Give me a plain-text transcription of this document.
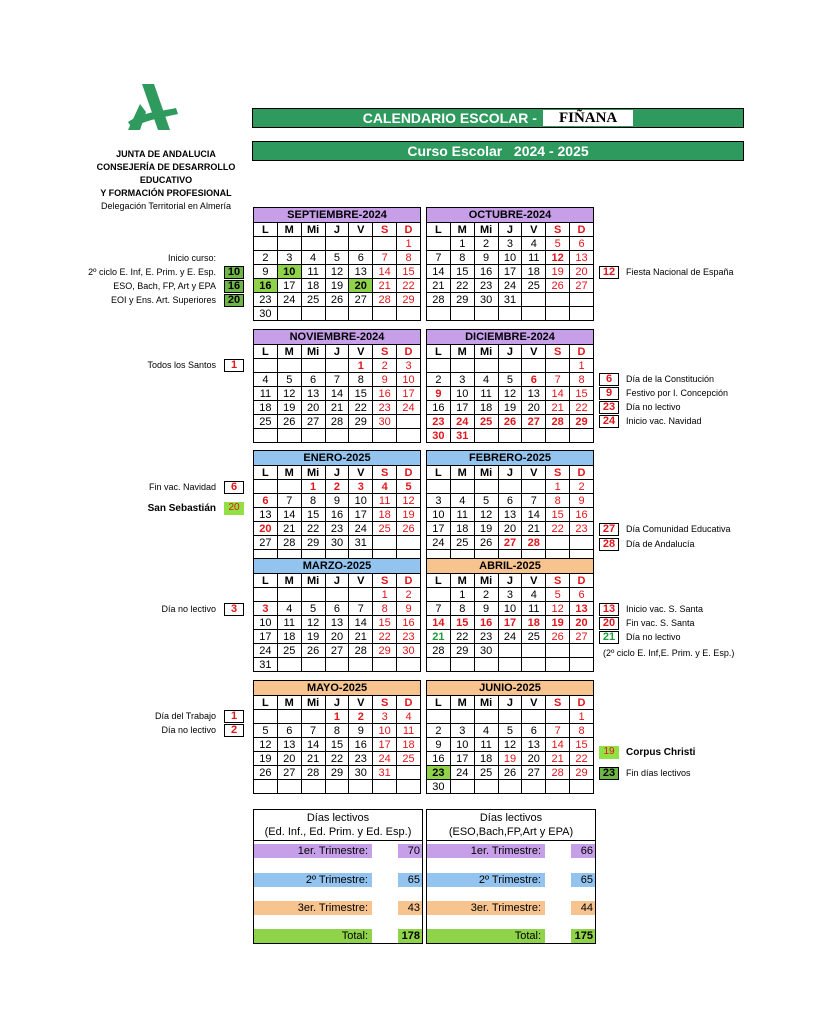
JUNTA DE ANDALUCIA
CONSEJERÍA DE DESARROLLO EDUCATIVO
Y FORMACIÓN PROFESIONAL
Delegación Territorial en Almería
CALENDARIO ESCOLAR -	FIÑANA
Curso Escolar   2024 - 2025
SEPTIEMBRE-2024						
L	M	Mi	J	V	S	D
						1
2	3	4	5	6	7	8
9	10	11	12	13	14	15
16	17	18	19	20	21	22
23	24	25	26	27	28	29
30						
OCTUBRE-2024						
L	M	Mi	J	V	S	D
	1	2	3	4	5	6
7	8	9	10	11	12	13
14	15	16	17	18	19	20
21	22	23	24	25	26	27
28	29	30	31			

NOVIEMBRE-2024						
L	M	Mi	J	V	S	D
				1	2	3
4	5	6	7	8	9	10
11	12	13	14	15	16	17
18	19	20	21	22	23	24
25	26	27	28	29	30	

DICIEMBRE-2024						
L	M	Mi	J	V	S	D
						1
2	3	4	5	6	7	8
9	10	11	12	13	14	15
16	17	18	19	20	21	22
23	24	25	26	27	28	29
30	31					
ENERO-2025						
L	M	Mi	J	V	S	D
		1	2	3	4	5
6	7	8	9	10	11	12
13	14	15	16	17	18	19
20	21	22	23	24	25	26
27	28	29	30	31		

FEBRERO-2025						
L	M	Mi	J	V	S	D
					1	2
3	4	5	6	7	8	9
10	11	12	13	14	15	16
17	18	19	20	21	22	23
24	25	26	27	28		

MARZO-2025						
L	M	Mi	J	V	S	D
					1	2
3	4	5	6	7	8	9
10	11	12	13	14	15	16
17	18	19	20	21	22	23
24	25	26	27	28	29	30
31						
ABRIL-2025						
L	M	Mi	J	V	S	D
	1	2	3	4	5	6
7	8	9	10	11	12	13
14	15	16	17	18	19	20
21	22	23	24	25	26	27
28	29	30				

MAYO-2025						
L	M	Mi	J	V	S	D
			1	2	3	4
5	6	7	8	9	10	11
12	13	14	15	16	17	18
19	20	21	22	23	24	25
26	27	28	29	30	31	

JUNIO-2025						
L	M	Mi	J	V	S	D
						1
2	3	4	5	6	7	8
9	10	11	12	13	14	15
16	17	18	19	20	21	22
23	24	25	26	27	28	29
30						
Inicio curso:
2º ciclo E. Inf, E. Prim. y E. Esp.	10
ESO, Bach, FP, Art y EPA	16
EOI y Ens. Art. Superiores	20
Todos los Santos	1
Fin vac. Navidad	6
San Sebastián	20
Día no lectivo	3
Día del Trabajo	1
Día no lectivo	2
12	Fiesta Nacional de España
6	Día de la Constitución
9	Festivo por I. Concepción
23	Día no lectivo
24	Inicio vac. Navidad
27	Día Comunidad Educativa
28	Día de Andalucía
13	Inicio vac. S. Santa
20	Fin vac. S. Santa
21	Día no lectivo
(2º ciclo E. Inf,E. Prim. y E. Esp.)
19	Corpus Christi
23	Fin días lectivos
Días lectivos
(Ed. Inf., Ed. Prim. y Ed. Esp.)
1er. Trimestre:	70
2º Trimestre:	65
3er. Trimestre:	43
Total:	178
Días lectivos
(ESO,Bach,FP,Art y EPA)
1er. Trimestre:	66
2º Trimestre:	65
3er. Trimestre:	44
Total:	175
